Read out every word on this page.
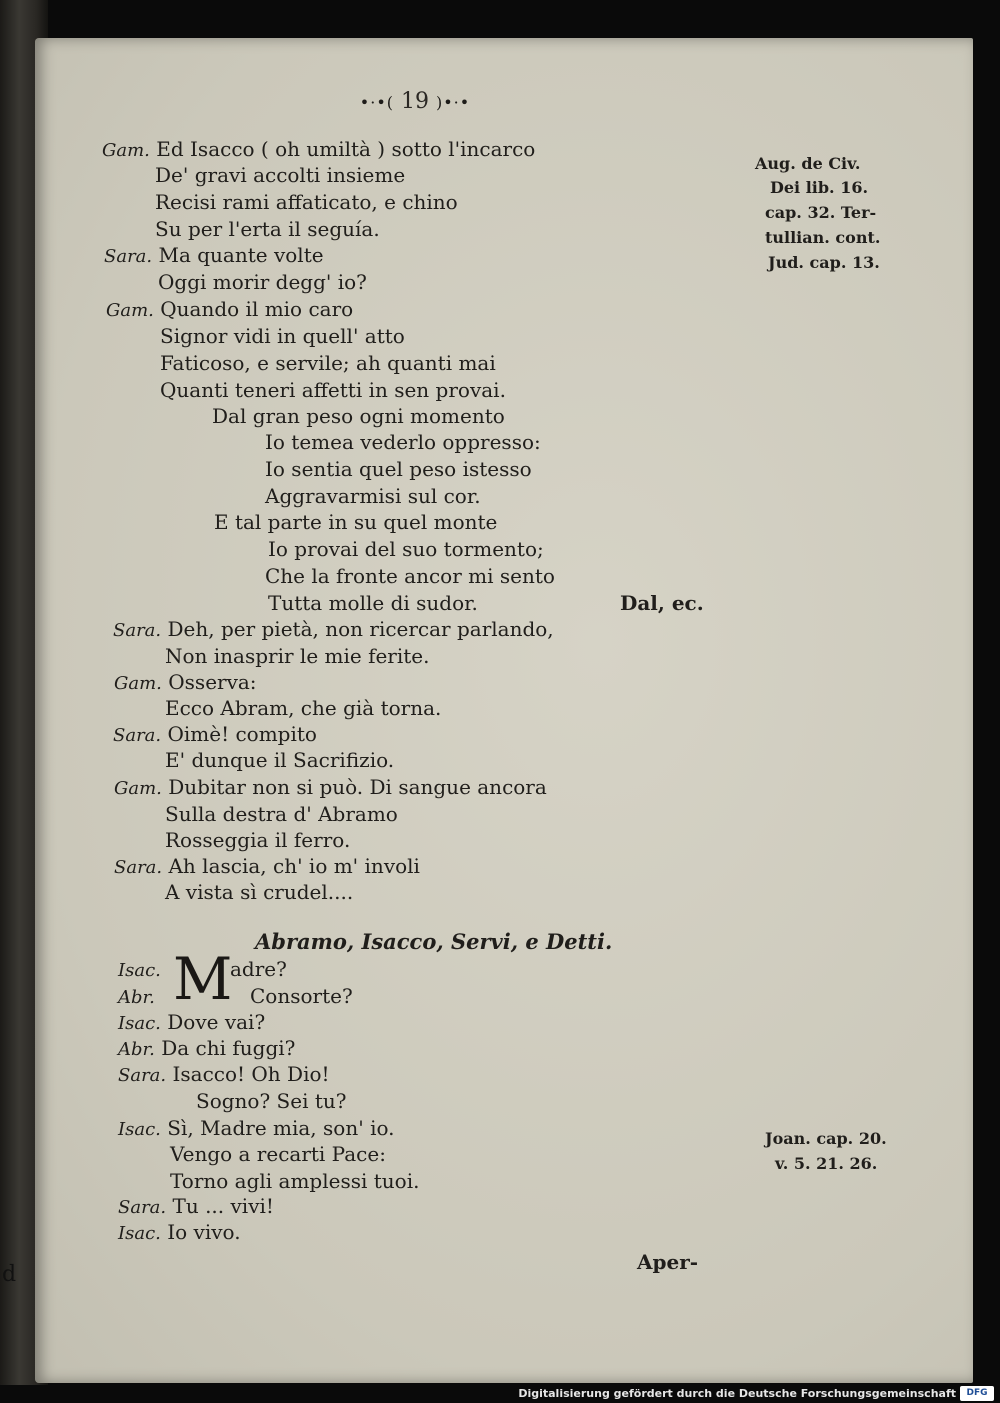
d
•·•( 19 )•·•
Gam. Ed Isacco ( oh umiltà ) sotto l'incarco
De' gravi accolti insieme
Recisi rami affaticato, e chino
Su per l'erta il seguía.
Sara. Ma quante volte
Oggi morir degg' io?
Gam. Quando il mio caro
Signor vidi in quell' atto
Faticoso, e servile; ah quanti mai
Quanti teneri affetti in sen provai.
Dal gran peso ogni momento
Io temea vederlo oppresso:
Io sentia quel peso istesso
Aggravarmisi sul cor.
E tal parte in su quel monte
Io provai del suo tormento;
Che la fronte ancor mi sento
Tutta molle di sudor.	Dal, ec.
Sara. Deh, per pietà, non ricercar parlando,
Non inasprir le mie ferite.
Gam. Osserva:
Ecco Abram, che già torna.
Sara. Oimè! compito
E' dunque il Sacrifizio.
Gam. Dubitar non si può. Di sangue ancora
Sulla destra d' Abramo
Rosseggia il ferro.
Sara. Ah lascia, ch' io m' involi
A vista sì crudel....
Aug. de Civ.
Dei lib. 16.
cap. 32. Ter-
tullian. cont.
Jud. cap. 13.
Abramo, Isacco, Servi, e Detti.
M
Isac.	adre?
Abr.	Consorte?
Isac. Dove vai?
Abr. Da chi fuggi?
Sara. Isacco! Oh Dio!
Sogno? Sei tu?
Isac. Sì, Madre mia, son' io.
Vengo a recarti Pace:
Torno agli amplessi tuoi.
Sara. Tu ... vivi!
Isac. Io vivo.
Joan. cap. 20.
v. 5. 21. 26.
Aper-
Digitalisierung gefördert durch die Deutsche Forschungsgemeinschaft	DFG
